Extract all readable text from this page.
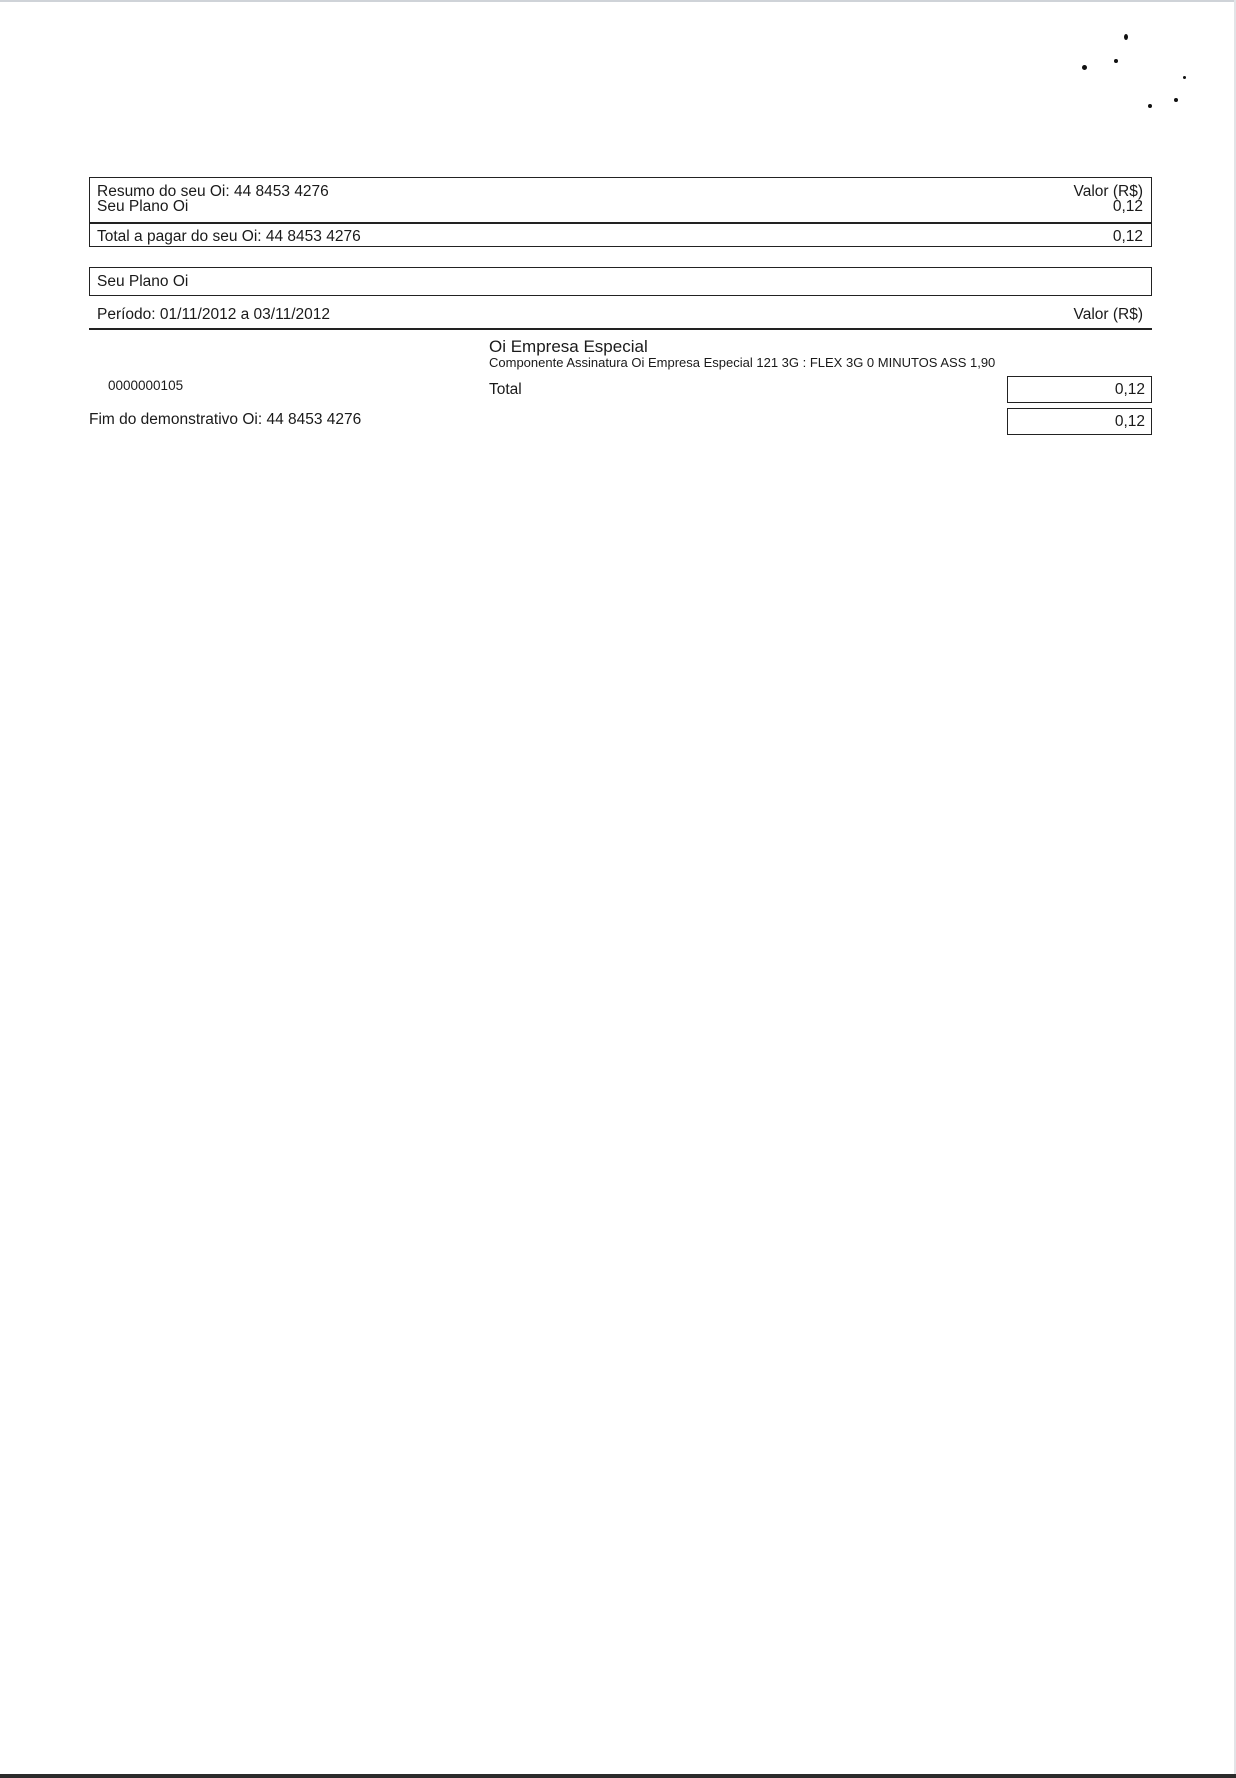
Resumo do seu Oi: 44 8453 4276	Valor (R$)
Seu Plano Oi	0,12
Total a pagar do seu Oi: 44 8453 4276	0,12
Seu Plano Oi
Período: 01/11/2012 a 03/11/2012	Valor (R$)
Oi Empresa Especial
Componente Assinatura Oi Empresa Especial 121 3G : FLEX 3G 0 MINUTOS ASS 1,90
0000000105	Total	0,12
Fim do demonstrativo Oi: 44 8453 4276	0,12
